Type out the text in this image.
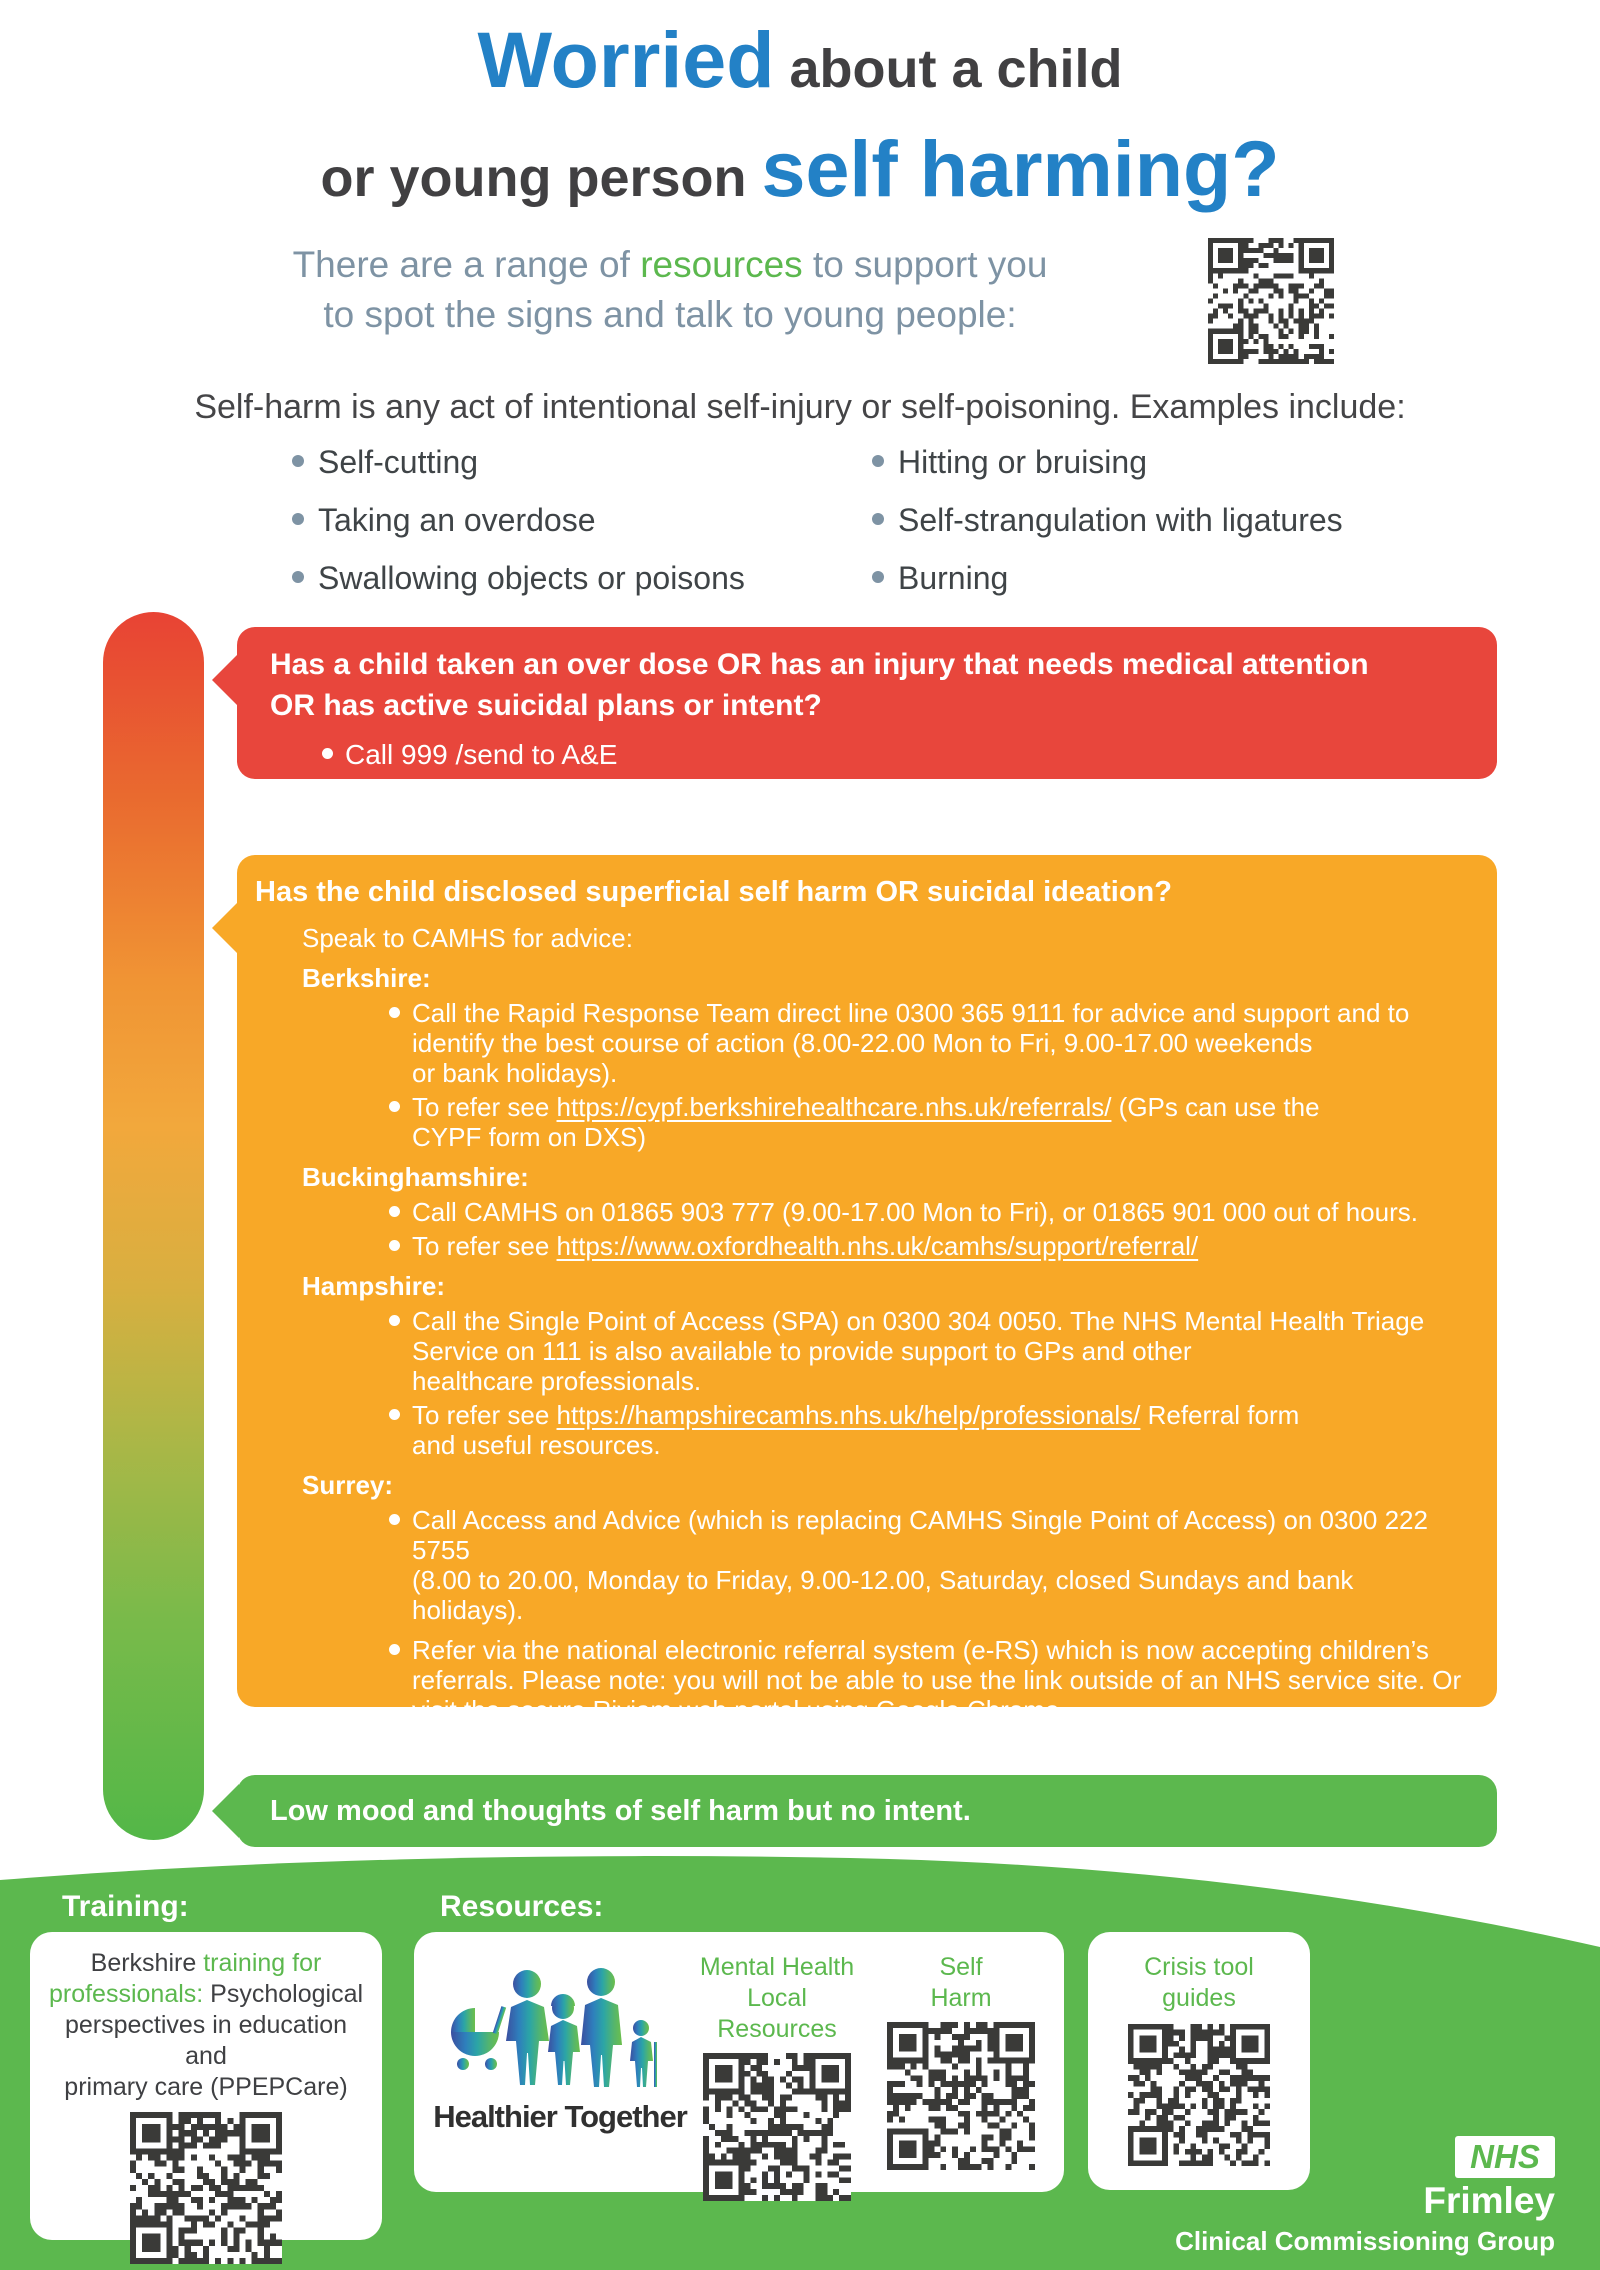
Worried about a child
or young person self harming?

There are a range of resources to support you
to spot the signs and talk to young people:

Self-harm is any act of intentional self-injury or self-poisoning. Examples include:

Self-cutting
Taking an overdose
Swallowing objects or poisons
Hitting or bruising
Self-strangulation with ligatures
Burning
Has a child taken an over dose OR has an injury that needs medical attention
OR has active suicidal plans or intent?
Call 999 /send to A&E
Has the child disclosed superficial self harm OR suicidal ideation?
Speak to CAMHS for advice:
Berkshire:
Call the Rapid Response Team direct line 0300 365 9111 for advice and support and to
identify the best course of action (8.00-22.00 Mon to Fri, 9.00-17.00 weekends
or bank holidays).
To refer see https://cypf.berkshirehealthcare.nhs.uk/referrals/ (GPs can use the
CYPF form on DXS)
Buckinghamshire:
Call CAMHS on 01865 903 777 (9.00-17.00 Mon to Fri), or 01865 901 000 out of hours.
To refer see https://www.oxfordhealth.nhs.uk/camhs/support/referral/
Hampshire:
Call the Single Point of Access (SPA) on 0300 304 0050. The NHS Mental Health Triage
Service on 111 is also available to provide support to GPs and other
healthcare professionals.
To refer see https://hampshirecamhs.nhs.uk/help/professionals/ Referral form
and useful resources.
Surrey:
Call Access and Advice (which is replacing CAMHS Single Point of Access) on 0300 222 5755
(8.00 to 20.00, Monday to Friday, 9.00-12.00, Saturday, closed Sundays and bank holidays).
Refer via the national electronic referral system (e-RS) which is now accepting children’s
referrals. Please note: you will not be able to use the link outside of an NHS service site. Or
visit the secure Riviam web portal using Google Chrome.
Low mood and thoughts of self harm but no intent.
Training:	Resources:

Berkshire training for
professionals: Psychological
perspectives in education and
primary care (PPEPCare)

Healthier Together
Mental Health
Local Resources
Self
Harm
Crisis tool
guides
NHS
Frimley
Clinical Commissioning Group
